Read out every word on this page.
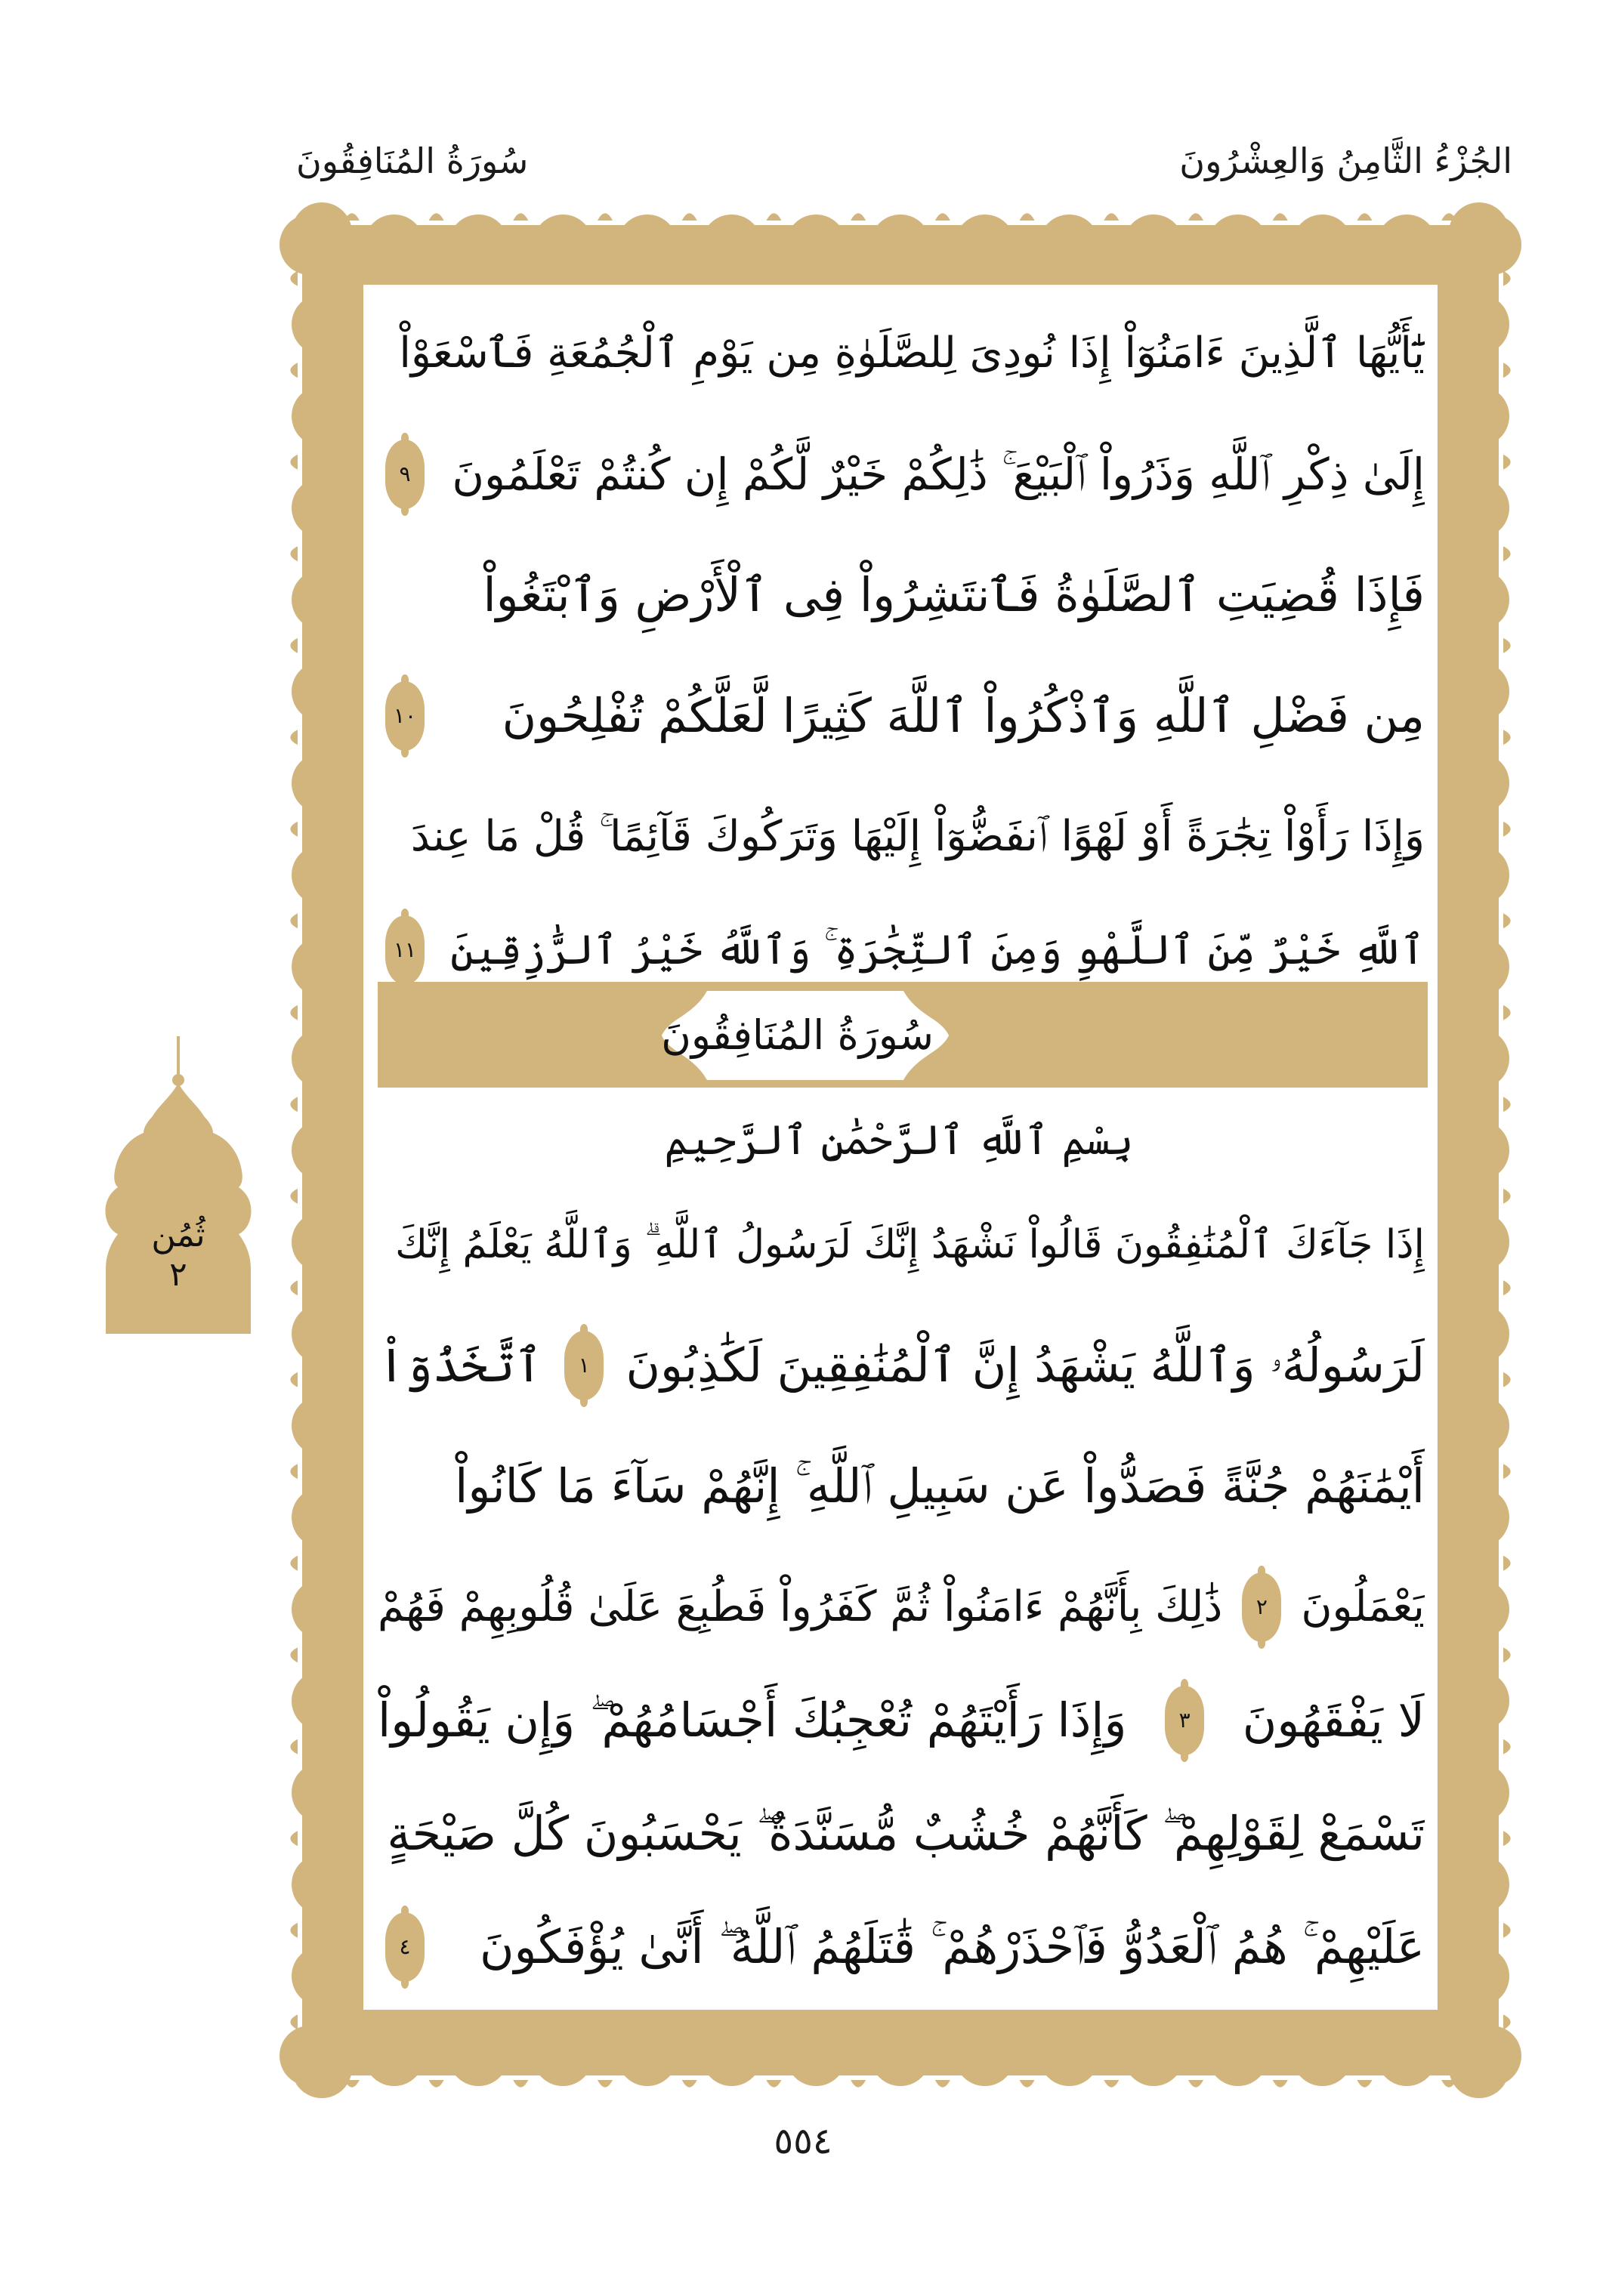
الجُزْءُ الثَّامِنُ وَالعِشْرُونَ
سُورَةُ المُنَافِقُونَ
يَٰٓأَيُّهَا ٱلَّذِينَ ءَامَنُوٓاْ إِذَا نُودِىَ لِلصَّلَوٰةِ مِن يَوْمِ ٱلْجُمُعَةِ فَٱسْعَوْاْ
إِلَىٰ ذِكْرِ ٱللَّهِ وَذَرُواْ ٱلْبَيْعَ ۚ ذَٰلِكُمْ خَيْرٌ لَّكُمْ إِن كُنتُمْ تَعْلَمُونَ
٩
فَإِذَا قُضِيَتِ ٱلصَّلَوٰةُ فَٱنتَشِرُواْ فِى ٱلْأَرْضِ وَٱبْتَغُواْ
مِن فَضْلِ ٱللَّهِ وَٱذْكُرُواْ ٱللَّهَ كَثِيرًا لَّعَلَّكُمْ تُفْلِحُونَ
١٠
وَإِذَا رَأَوْاْ تِجَٰرَةً أَوْ لَهْوًا ٱنفَضُّوٓاْ إِلَيْهَا وَتَرَكُوكَ قَآئِمًا ۚ قُلْ مَا عِندَ
ٱللَّهِ خَيْرٌ مِّنَ ٱللَّهْوِ وَمِنَ ٱلتِّجَٰرَةِ ۚ وَٱللَّهُ خَيْرُ ٱلرَّٰزِقِينَ
١١
سُورَةُ المُنَافِقُونَ
بِسْمِ ٱللَّهِ ٱلرَّحْمَٰنِ ٱلرَّحِيمِ
إِذَا جَآءَكَ ٱلْمُنَٰفِقُونَ قَالُواْ نَشْهَدُ إِنَّكَ لَرَسُولُ ٱللَّهِ ۗ وَٱللَّهُ يَعْلَمُ إِنَّكَ
لَرَسُولُهُۥ وَٱللَّهُ يَشْهَدُ إِنَّ ٱلْمُنَٰفِقِينَ لَكَٰذِبُونَ
١
ٱتَّخَذُوٓاْ
أَيْمَٰنَهُمْ جُنَّةً فَصَدُّواْ عَن سَبِيلِ ٱللَّهِ ۚ إِنَّهُمْ سَآءَ مَا كَانُواْ
يَعْمَلُونَ
٢
ذَٰلِكَ بِأَنَّهُمْ ءَامَنُواْ ثُمَّ كَفَرُواْ فَطُبِعَ عَلَىٰ قُلُوبِهِمْ فَهُمْ
لَا يَفْقَهُونَ
٣
وَإِذَا رَأَيْتَهُمْ تُعْجِبُكَ أَجْسَامُهُمْ ۖ وَإِن يَقُولُواْ
تَسْمَعْ لِقَوْلِهِمْ ۖ كَأَنَّهُمْ خُشُبٌ مُّسَنَّدَةٌ ۖ يَحْسَبُونَ كُلَّ صَيْحَةٍ
عَلَيْهِمْ ۚ هُمُ ٱلْعَدُوُّ فَٱحْذَرْهُمْ ۚ قَٰتَلَهُمُ ٱللَّهُ ۖ أَنَّىٰ يُؤْفَكُونَ
٤
ثُمُن
٢
٥٥٤
